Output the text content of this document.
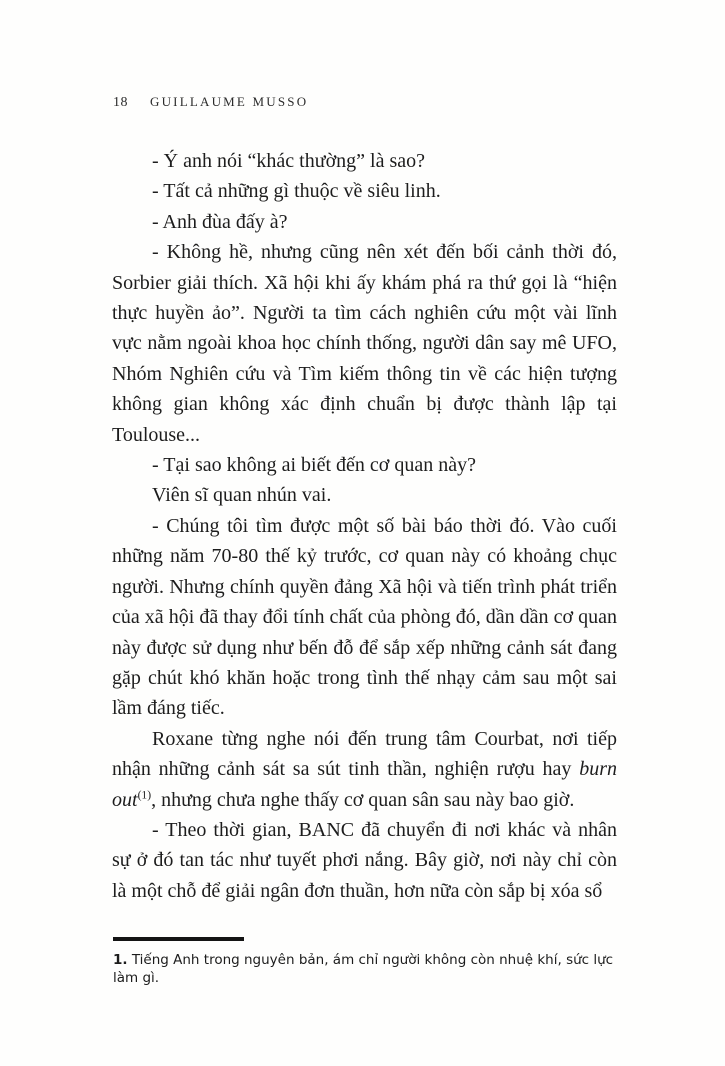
18 GUILLAUME MUSSO

- Ý anh nói “khác thường” là sao?

- Tất cả những gì thuộc về siêu linh.

- Anh đùa đấy à?

- Không hề, nhưng cũng nên xét đến bối cảnh thời đó, Sorbier giải thích. Xã hội khi ấy khám phá ra thứ gọi là “hiện thực huyền ảo”. Người ta tìm cách nghiên cứu một vài lĩnh vực nằm ngoài khoa học chính thống, người dân say mê UFO, Nhóm Nghiên cứu và Tìm kiếm thông tin về các hiện tượng không gian không xác định chuẩn bị được thành lập tại Toulouse...

- Tại sao không ai biết đến cơ quan này?

Viên sĩ quan nhún vai.

- Chúng tôi tìm được một số bài báo thời đó. Vào cuối những năm 70-80 thế kỷ trước, cơ quan này có khoảng chục người. Nhưng chính quyền đảng Xã hội và tiến trình phát triển của xã hội đã thay đổi tính chất của phòng đó, dần dần cơ quan này được sử dụng như bến đỗ để sắp xếp những cảnh sát đang gặp chút khó khăn hoặc trong tình thế nhạy cảm sau một sai lầm đáng tiếc.

Roxane từng nghe nói đến trung tâm Courbat, nơi tiếp nhận những cảnh sát sa sút tinh thần, nghiện rượu hay burn out$^{(1)}$, nhưng chưa nghe thấy cơ quan sân sau này bao giờ.

- Theo thời gian, BANC đã chuyển đi nơi khác và nhân sự ở đó tan tác như tuyết phơi nắng. Bây giờ, nơi này chỉ còn là một chỗ để giải ngân đơn thuần, hơn nữa còn sắp bị xóa sổ

1. Tiếng Anh trong nguyên bản, ám chỉ người không còn nhuệ khí, sức lực làm gì.
